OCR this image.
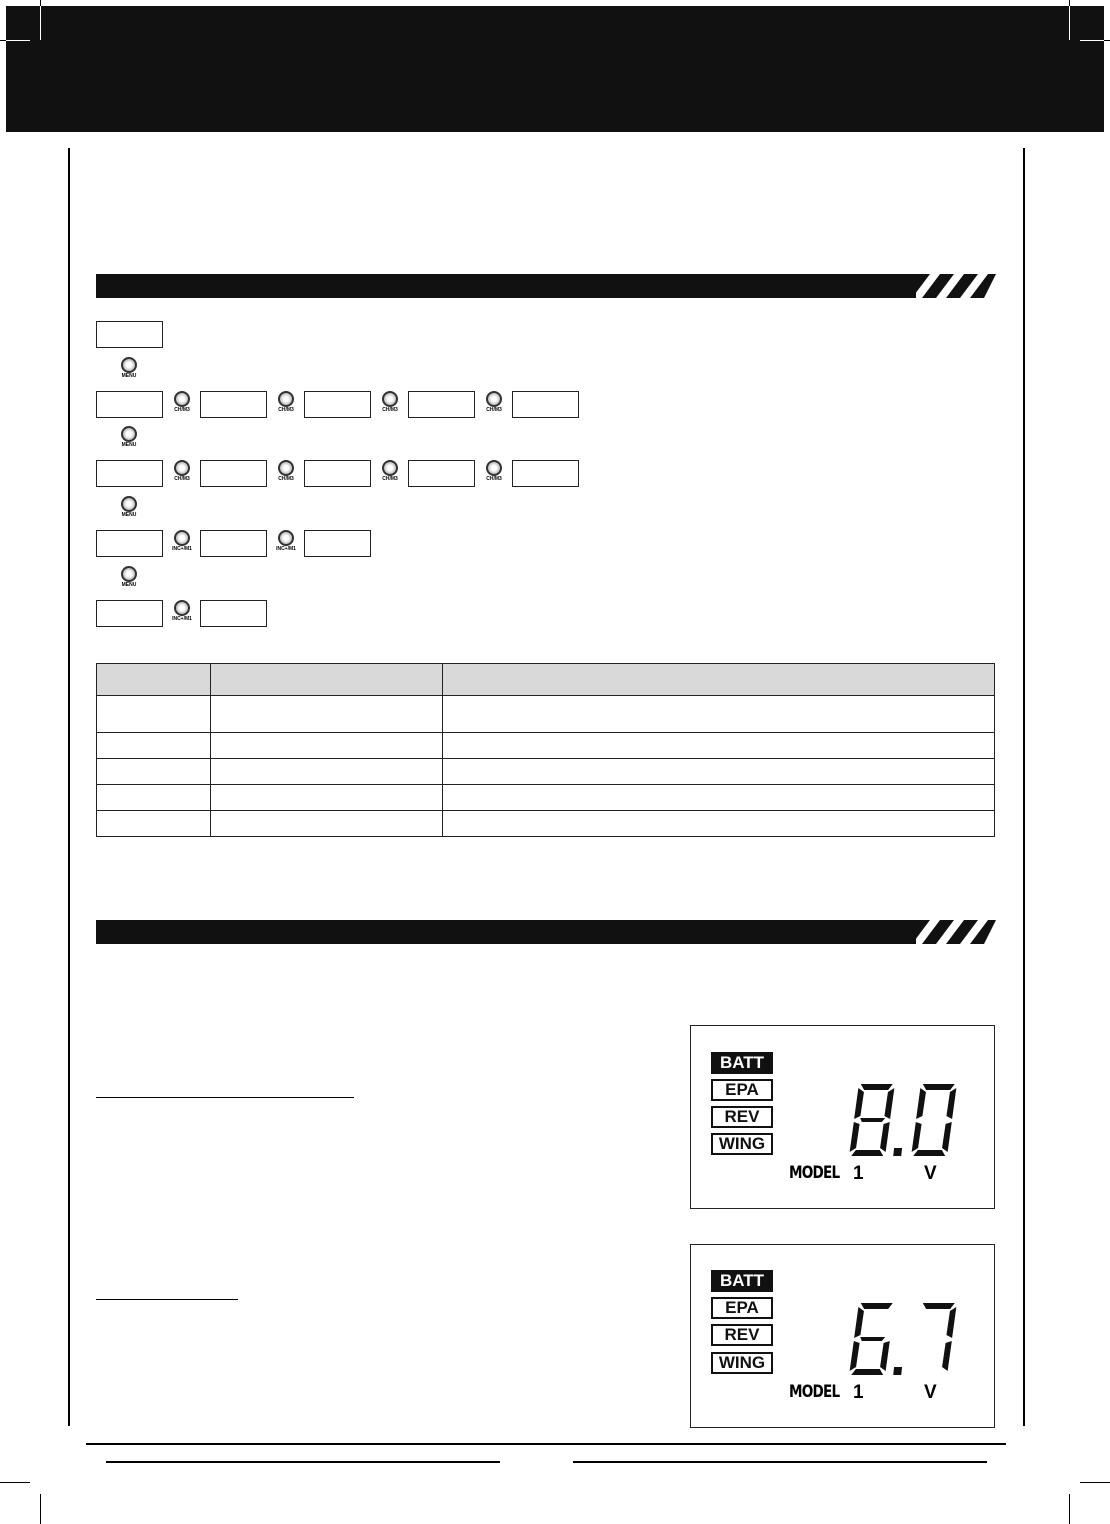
MENU
CH/M3	CH/M3	CH/M3	CH/M3
MENU
CH/M3	CH/M3	CH/M3	CH/M3
MENU
INC+/M1	INC+/M1
MENU
INC+/M1

BATT
EPA
REV
WING
MODEL 1	V
BATT
EPA
REV
WING
MODEL 1	V
